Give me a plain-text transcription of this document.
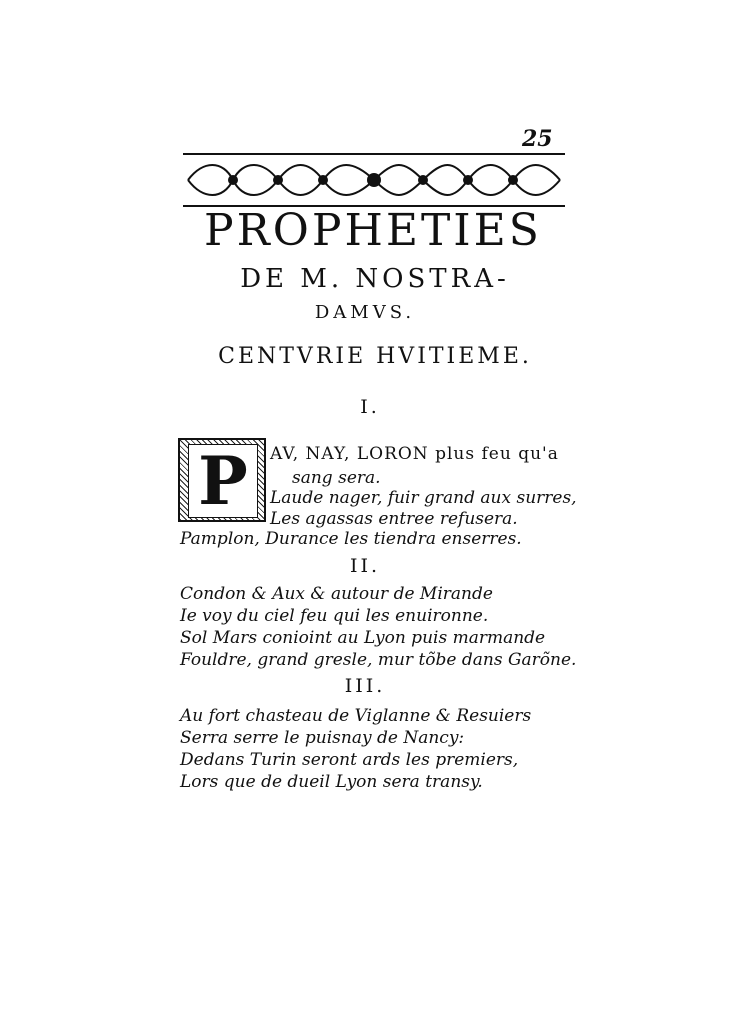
25
PROPHETIES
DE M. NOSTRA-
DAMVS.
CENTVRIE HVITIEME.
I.
P	AV, NAY, LORON plus feu qu'a
sang sera.
Laude nager, fuir grand aux surres,
Les agassas entree refusera.
Pamplon, Durance les tiendra enserres.
II.
Condon & Aux & autour de Mirande
Ie voy du ciel feu qui les enuironne.
Sol Mars conioint au Lyon puis marmande
Fouldre, grand gresle, mur tõbe dans Garõne.
III.
Au fort chasteau de Viglanne & Resuiers
Serra serre le puisnay de Nancy:
Dedans Turin seront ards les premiers,
Lors que de dueil Lyon sera transy.
